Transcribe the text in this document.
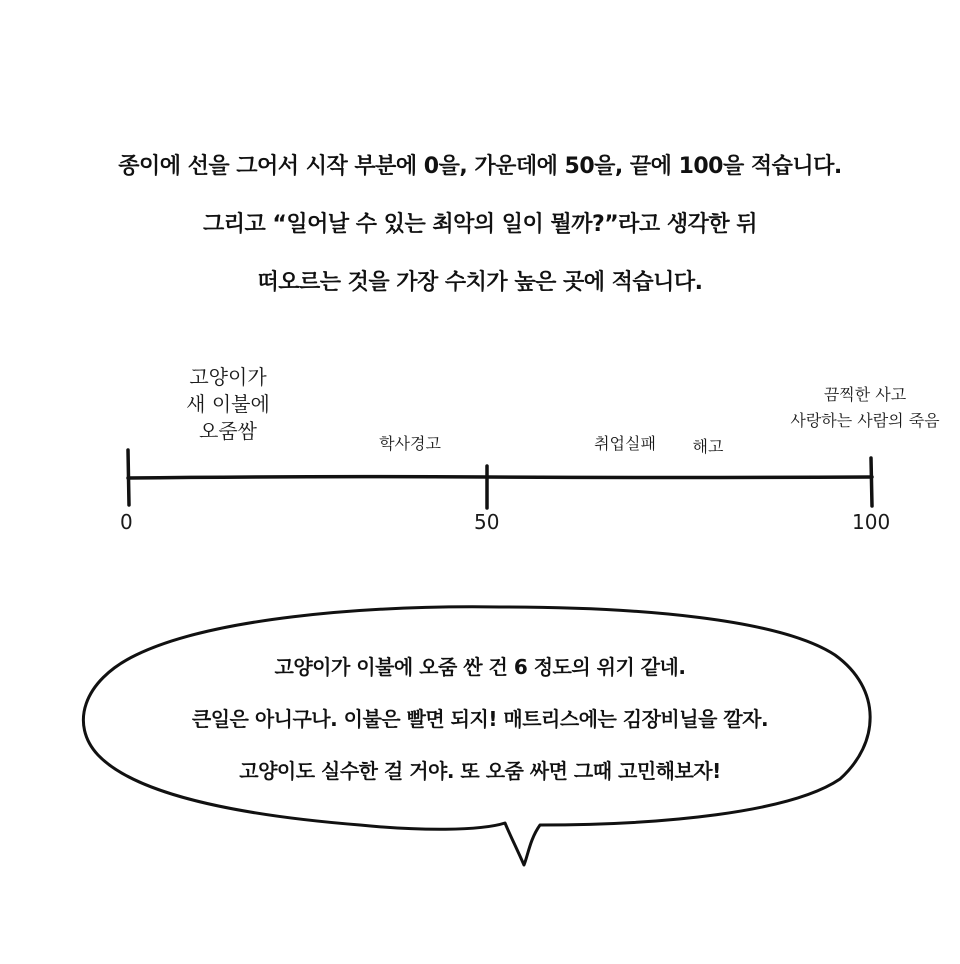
종이에 선을 그어서 시작 부분에 0을, 가운데에 50을, 끝에 100을 적습니다.
그리고 “일어날 수 있는 최악의 일이 뭘까?”라고 생각한 뒤
떠오르는 것을 가장 수치가 높은 곳에 적습니다.
고양이가
새 이불에
오줌쌈
학사경고	취업실패	해고
끔찍한 사고
사랑하는 사람의 죽음
0	50	100
고양이가 이불에 오줌 싼 건 6 정도의 위기 같네.
큰일은 아니구나. 이불은 빨면 되지! 매트리스에는 김장비닐을 깔자.
고양이도 실수한 걸 거야. 또 오줌 싸면 그때 고민해보자!
